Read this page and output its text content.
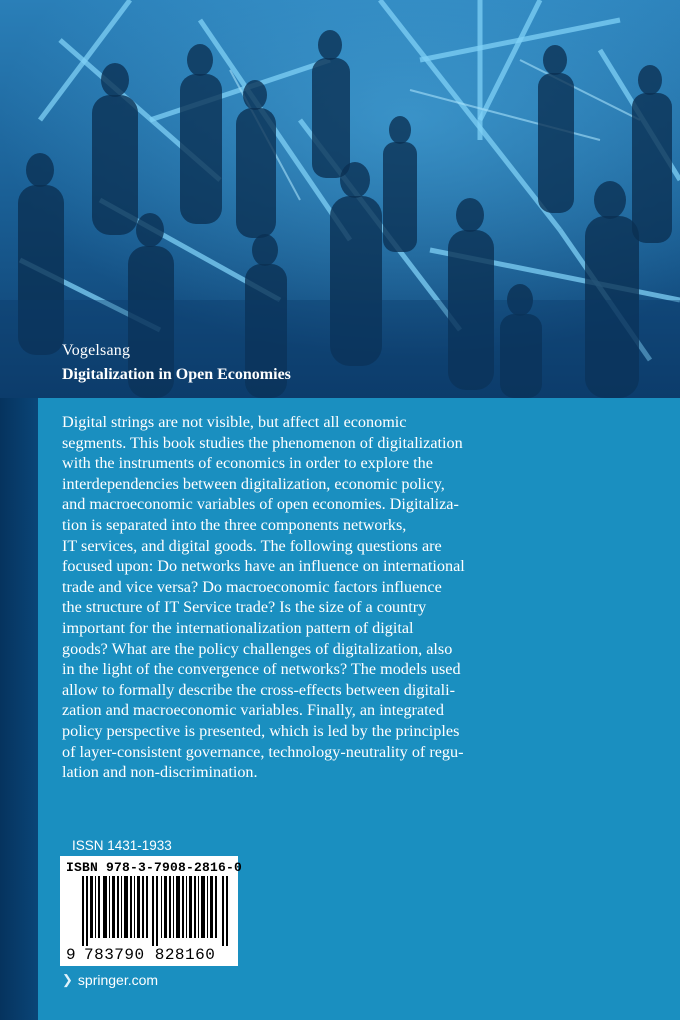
Vogelsang
Digitalization in Open Economies

Digital strings are not visible, but affect all economic
segments. This book studies the phenomenon of digitalization
with the instruments of economics in order to explore the
interdependencies between digitalization, economic policy,
and macroeconomic variables of open economies. Digitaliza-
tion is separated into the three components networks,
IT services, and digital goods. The following questions are
focused upon: Do networks have an influence on international
trade and vice versa? Do macroeconomic factors influence
the structure of IT Service trade? Is the size of a country
important for the internationalization pattern of digital
goods? What are the policy challenges of digitalization, also
in the light of the convergence of networks? The models used
allow to formally describe the cross-effects between digitali-
zation and macroeconomic variables. Finally, an integrated
policy perspective is presented, which is led by the principles
of layer-consistent governance, technology-neutrality of regu-
lation and non-discrimination.

ISSN 1431-1933
ISBN 978-3-7908-2816-0
9 783790 828160
❯ springer.com
